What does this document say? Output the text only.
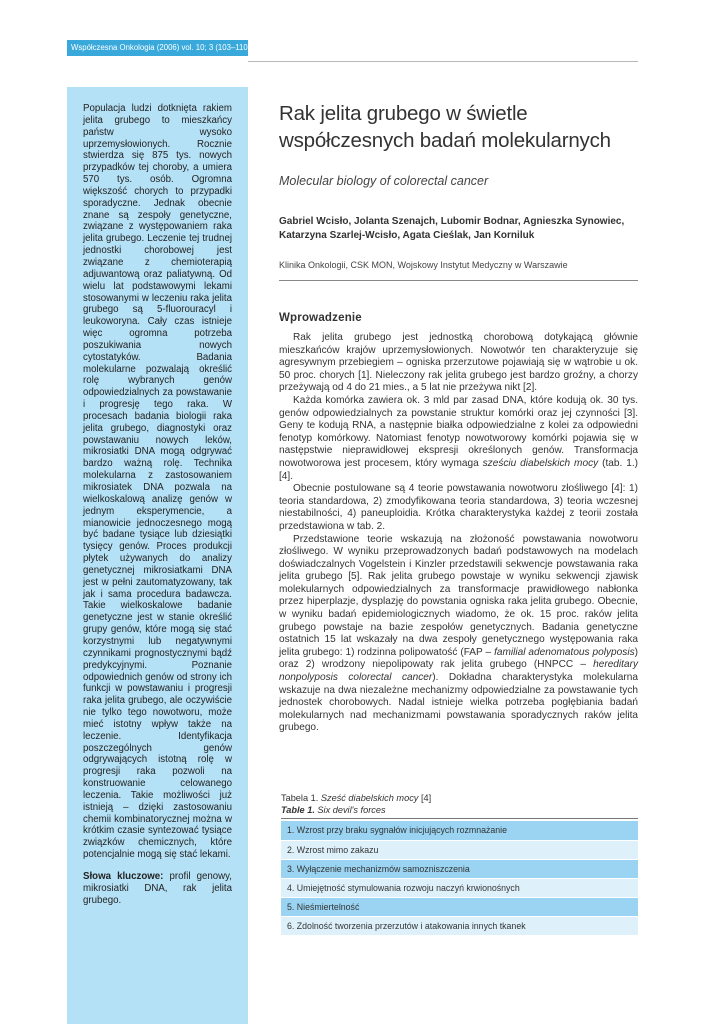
Współczesna Onkologia (2006) vol. 10; 3 (103–110)

Populacja ludzi dotknięta rakiem jelita grubego to mieszkańcy państw wysoko uprzemysłowionych. Rocznie stwierdza się 875 tys. nowych przypadków tej choroby, a umiera 570 tys. osób. Ogromna większość chorych to przypadki sporadyczne. Jednak obecnie znane są zespoły genetyczne, związane z występowaniem raka jelita grubego. Leczenie tej trudnej jednostki chorobowej jest związane z chemioterapią adjuwantową oraz paliatywną. Od wielu lat podstawowymi lekami stosowanymi w leczeniu raka jelita grubego są 5-fluorouracyl i leukoworyna. Cały czas istnieje więc ogromna potrzeba poszukiwania nowych cytostatyków. Badania molekularne pozwalają określić rolę wybranych genów odpowiedzialnych za powstawanie i progresję tego raka. W procesach badania biologii raka jelita grubego, diagnostyki oraz powstawaniu nowych leków, mikrosiatki DNA mogą odgrywać bardzo ważną rolę. Technika molekularna z zastosowaniem mikrosiatek DNA pozwala na wielkoskalową analizę genów w jednym eksperymencie, a mianowicie jednoczesnego mogą być badane tysiące lub dziesiątki tysięcy genów. Proces produkcji płytek używanych do analizy genetycznej mikrosiatkami DNA jest w pełni zautomatyzowany, tak jak i sama procedura badawcza. Takie wielkoskalowe badanie genetyczne jest w stanie określić grupy genów, które mogą się stać korzystnymi lub negatywnymi czynnikami prognostycznymi bądź predykcyjnymi. Poznanie odpowiednich genów od strony ich funkcji w powstawaniu i progresji raka jelita grubego, ale oczywiście nie tylko tego nowotworu, może mieć istotny wpływ także na leczenie. Identyfikacja poszczególnych genów odgrywających istotną rolę w progresji raka pozwoli na konstruowanie celowanego leczenia. Takie możliwości już istnieją – dzięki zastosowaniu chemii kombinatorycznej można w krótkim czasie syntezować tysiące związków chemicznych, które potencjalnie mogą się stać lekami.

Słowa kluczowe: profil genowy, mikrosiatki DNA, rak jelita grubego.

Rak jelita grubego w świetle współczesnych badań molekularnych

Molecular biology of colorectal cancer

Gabriel Wcisło, Jolanta Szenajch, Lubomir Bodnar, Agnieszka Synowiec, Katarzyna Szarlej-Wcisło, Agata Cieślak, Jan Korniluk

Klinika Onkologii, CSK MON, Wojskowy Instytut Medyczny w Warszawie

Wprowadzenie

Rak jelita grubego jest jednostką chorobową dotykającą głównie mieszkańców krajów uprzemysłowionych. Nowotwór ten charakteryzuje się agresywnym przebiegiem – ogniska przerzutowe pojawiają się w wątrobie u ok. 50 proc. chorych [1]. Nieleczony rak jelita grubego jest bardzo groźny, a chorzy przeżywają od 4 do 21 mies., a 5 lat nie przeżywa nikt [2].

Każda komórka zawiera ok. 3 mld par zasad DNA, które kodują ok. 30 tys. genów odpowiedzialnych za powstanie struktur komórki oraz jej czynności [3]. Geny te kodują RNA, a następnie białka odpowiedzialne z kolei za odpowiedni fenotyp komórkowy. Natomiast fenotyp nowotworowy komórki pojawia się w następstwie nieprawidłowej ekspresji określonych genów. Transformacja nowotworowa jest procesem, który wymaga sześciu diabelskich mocy (tab. 1.) [4].

Obecnie postulowane są 4 teorie powstawania nowotworu złośliwego [4]: 1) teoria standardowa, 2) zmodyfikowana teoria standardowa, 3) teoria wczesnej niestabilności, 4) paneuploidia. Krótka charakterystyka każdej z teorii została przedstawiona w tab. 2.

Przedstawione teorie wskazują na złożoność powstawania nowotworu złośliwego. W wyniku przeprowadzonych badań podstawowych na modelach doświadczalnych Vogelstein i Kinzler przedstawili sekwencje powstawania raka jelita grubego [5]. Rak jelita grubego powstaje w wyniku sekwencji zjawisk molekularnych odpowiedzialnych za transformacje prawidłowego nabłonka przez hiperplazje, dysplazję do powstania ogniska raka jelita grubego. Obecnie, w wyniku badań epidemiologicznych wiadomo, że ok. 15 proc. raków jelita grubego powstaje na bazie zespołów genetycznych. Badania genetyczne ostatnich 15 lat wskazały na dwa zespoły genetycznego występowania raka jelita grubego: 1) rodzinna polipowatość (FAP – familial adenomatous polyposis) oraz 2) wrodzony niepolipowaty rak jelita grubego (HNPCC – hereditary nonpolyposis colorectal cancer). Dokładna charakterystyka molekularna wskazuje na dwa niezależne mechanizmy odpowiedzialne za powstawanie tych jednostek chorobowych. Nadal istnieje wielka potrzeba pogłębiania badań molekularnych nad mechanizmami powstawania sporadycznych raków jelita grubego.

Tabela 1. Sześć diabelskich mocy [4]
Table 1. Six devil's forces
1. Wzrost przy braku sygnałów inicjujących rozmnażanie
2. Wzrost mimo zakazu
3. Wyłączenie mechanizmów samozniszczenia
4. Umiejętność stymulowania rozwoju naczyń krwionośnych
5. Nieśmiertelność
6. Zdolność tworzenia przerzutów i atakowania innych tkanek
